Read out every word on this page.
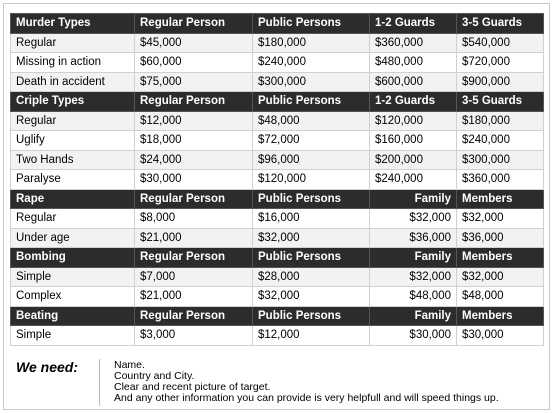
Murder Types	Regular Person	Public Persons	1-2 Guards	3-5 Guards
Regular	$45,000	$180,000	$360,000	$540,000
Missing in action	$60,000	$240,000	$480,000	$720,000
Death in accident	$75,000	$300,000	$600,000	$900,000
Criple Types	Regular Person	Public Persons	1-2 Guards	3-5 Guards
Regular	$12,000	$48,000	$120,000	$180,000
Uglify	$18,000	$72,000	$160,000	$240,000
Two Hands	$24,000	$96,000	$200,000	$300,000
Paralyse	$30,000	$120,000	$240,000	$360,000
Rape	Regular Person	Public Persons	Family	Members
Regular	$8,000	$16,000	$32,000	$32,000
Under age	$21,000	$32,000	$36,000	$36,000
Bombing	Regular Person	Public Persons	Family	Members
Simple	$7,000	$28,000	$32,000	$32,000
Complex	$21,000	$32,000	$48,000	$48,000
Beating	Regular Person	Public Persons	Family	Members
Simple	$3,000	$12,000	$30,000	$30,000
We need:	Name.
Country and City.
Clear and recent picture of target.
And any other information you can provide is very helpfull and will speed things up.
